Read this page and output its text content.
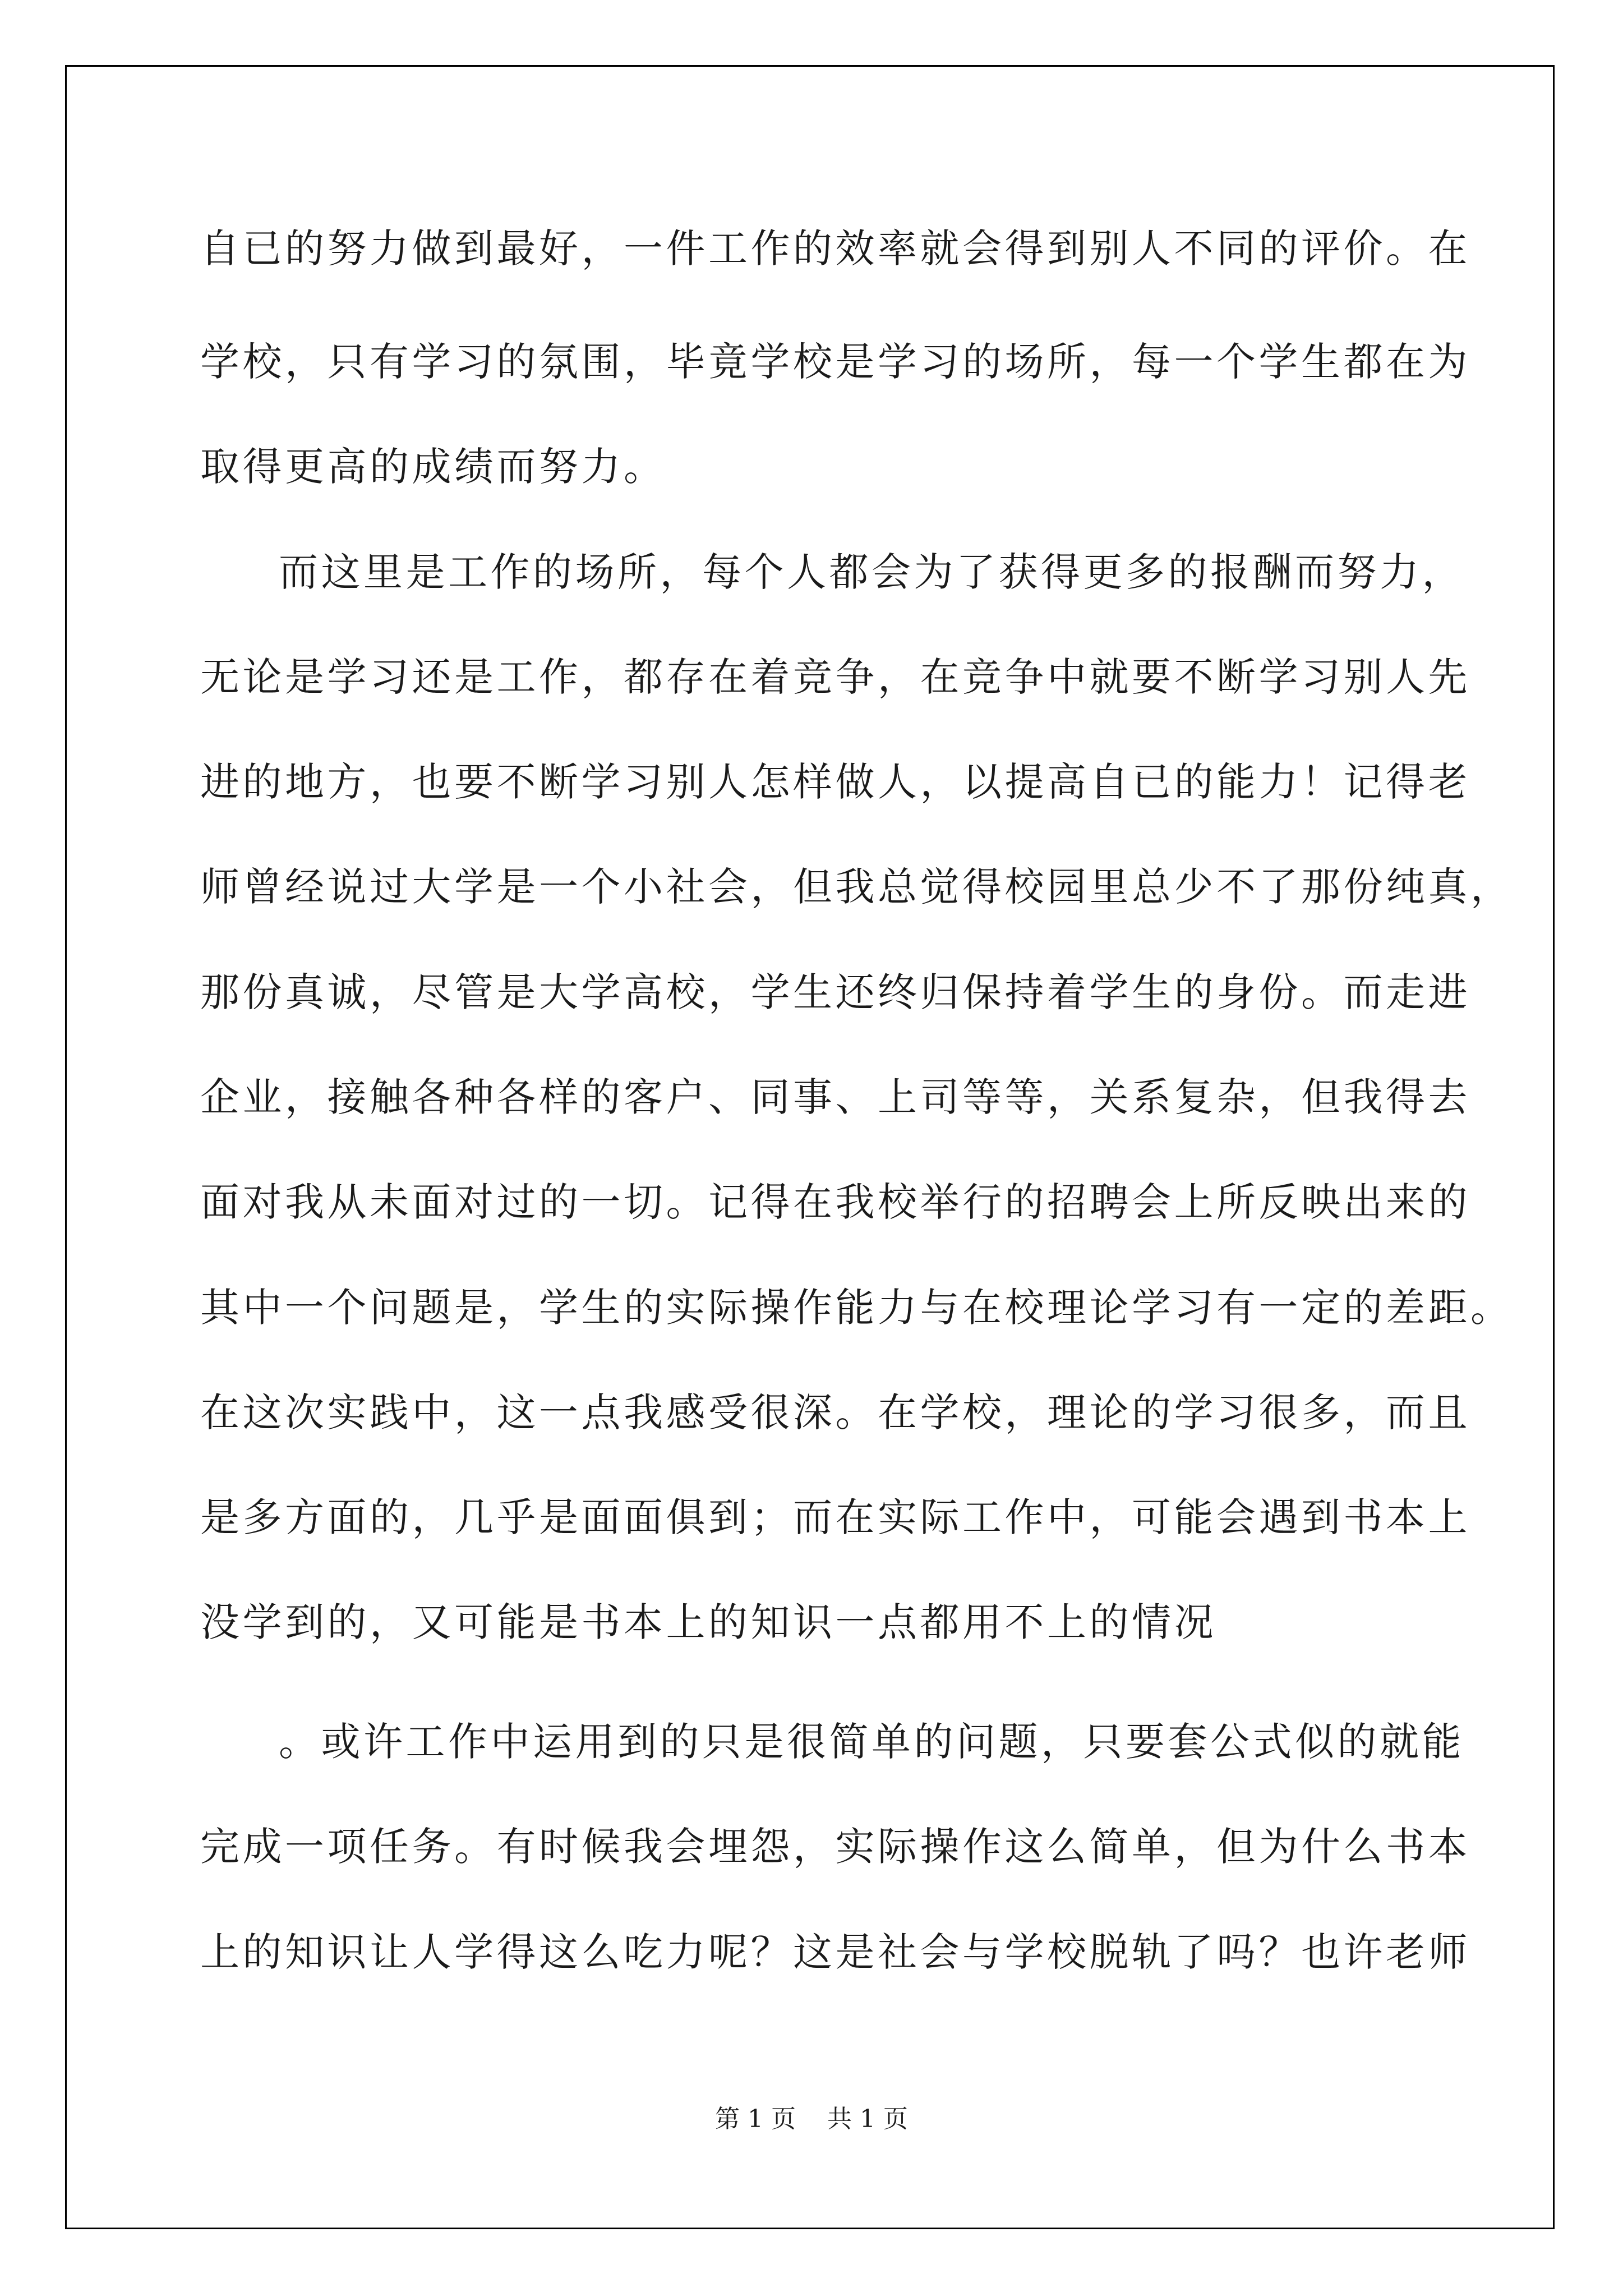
自已的努力做到最好，一件工作的效率就会得到别人不同的评价。在
学校，只有学习的氛围，毕竟学校是学习的场所，每一个学生都在为
取得更高的成绩而努力。
而这里是工作的场所，每个人都会为了获得更多的报酬而努力，
无论是学习还是工作，都存在着竞争，在竞争中就要不断学习别人先
进的地方，也要不断学习别人怎样做人，以提高自已的能力！记得老
师曾经说过大学是一个小社会，但我总觉得校园里总少不了那份纯真，
那份真诚，尽管是大学高校，学生还终归保持着学生的身份。而走进
企业，接触各种各样的客户、同事、上司等等，关系复杂，但我得去
面对我从未面对过的一切。记得在我校举行的招聘会上所反映出来的
其中一个问题是，学生的实际操作能力与在校理论学习有一定的差距。
在这次实践中，这一点我感受很深。在学校，理论的学习很多，而且
是多方面的，几乎是面面俱到；而在实际工作中，可能会遇到书本上
没学到的，又可能是书本上的知识一点都用不上的情况
。或许工作中运用到的只是很简单的问题，只要套公式似的就能
完成一项任务。有时候我会埋怨，实际操作这么简单，但为什么书本
上的知识让人学得这么吃力呢？这是社会与学校脱轨了吗？也许老师
第 1 页    共 1 页
